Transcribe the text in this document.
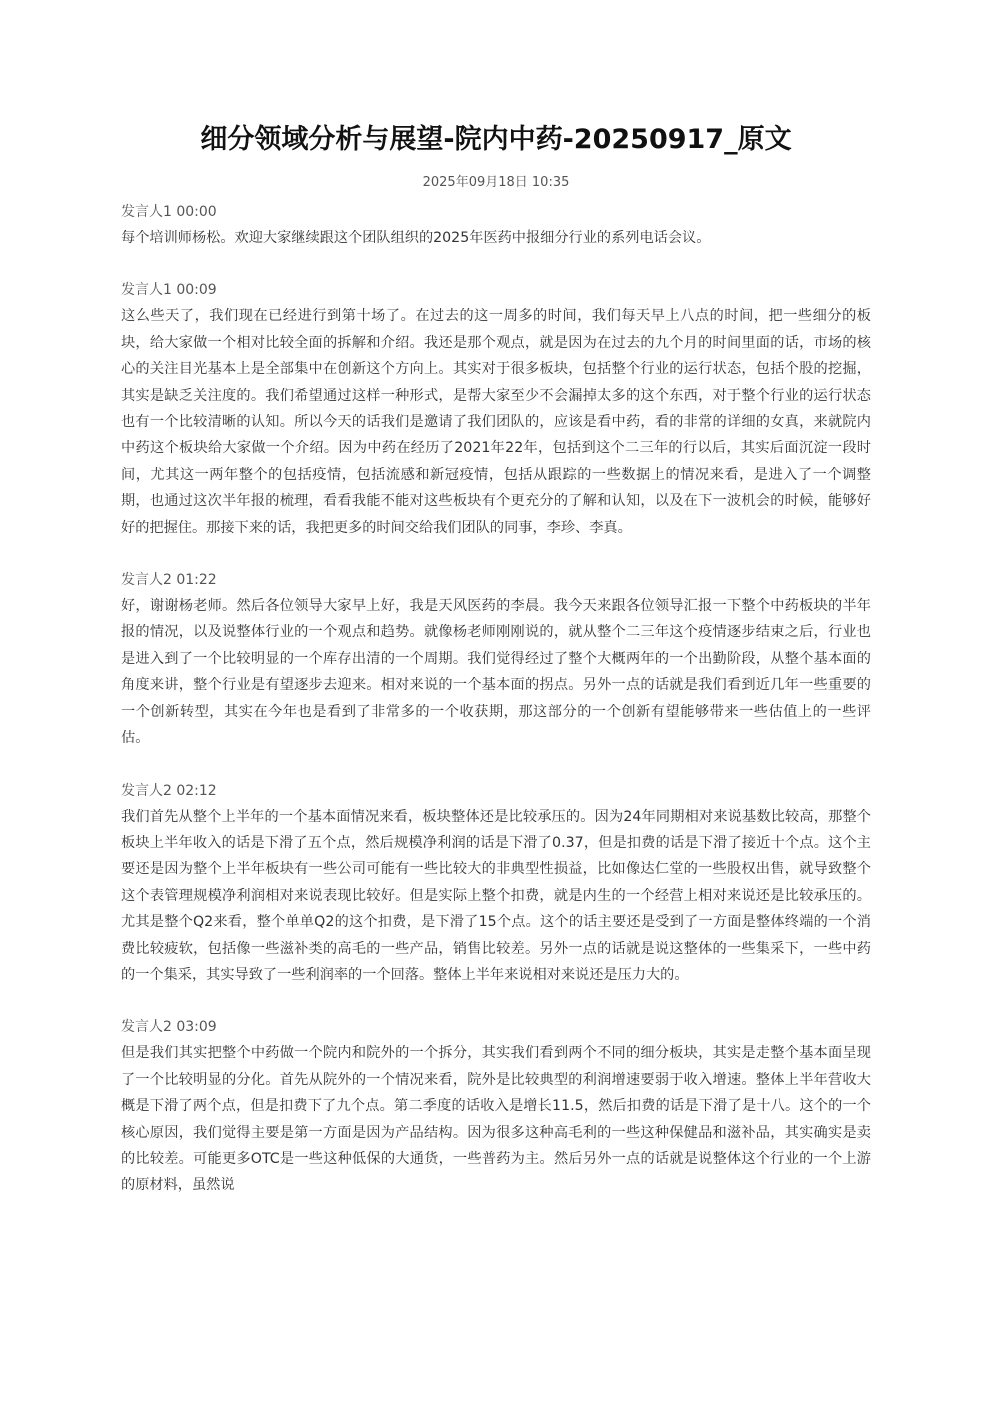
细分领域分析与展望-院内中药-20250917_原文
2025年09月18日 10:35
发言人1 00:00

每个培训师杨松。欢迎大家继续跟这个团队组织的2025年医药中报细分行业的系列电话会议。

发言人1 00:09

这么些天了，我们现在已经进行到第十场了。在过去的这一周多的时间，我们每天早上八点的时间，把一些细分的板块，给大家做一个相对比较全面的拆解和介绍。我还是那个观点，就是因为在过去的九个月的时间里面的话，市场的核心的关注目光基本上是全部集中在创新这个方向上。其实对于很多板块，包括整个行业的运行状态，包括个股的挖掘，其实是缺乏关注度的。我们希望通过这样一种形式，是帮大家至少不会漏掉太多的这个东西，对于整个行业的运行状态也有一个比较清晰的认知。所以今天的话我们是邀请了我们团队的，应该是看中药，看的非常的详细的女真，来就院内中药这个板块给大家做一个介绍。因为中药在经历了2021年22年，包括到这个二三年的行以后，其实后面沉淀一段时间，尤其这一两年整个的包括疫情，包括流感和新冠疫情，包括从跟踪的一些数据上的情况来看，是进入了一个调整期，也通过这次半年报的梳理，看看我能不能对这些板块有个更充分的了解和认知，以及在下一波机会的时候，能够好好的把握住。那接下来的话，我把更多的时间交给我们团队的同事，李珍、李真。

发言人2 01:22

好，谢谢杨老师。然后各位领导大家早上好，我是天风医药的李晨。我今天来跟各位领导汇报一下整个中药板块的半年报的情况，以及说整体行业的一个观点和趋势。就像杨老师刚刚说的，就从整个二三年这个疫情逐步结束之后，行业也是进入到了一个比较明显的一个库存出清的一个周期。我们觉得经过了整个大概两年的一个出勤阶段，从整个基本面的角度来讲，整个行业是有望逐步去迎来。相对来说的一个基本面的拐点。另外一点的话就是我们看到近几年一些重要的一个创新转型，其实在今年也是看到了非常多的一个收获期，那这部分的一个创新有望能够带来一些估值上的一些评估。

发言人2 02:12

我们首先从整个上半年的一个基本面情况来看，板块整体还是比较承压的。因为24年同期相对来说基数比较高，那整个板块上半年收入的话是下滑了五个点，然后规模净利润的话是下滑了0.37，但是扣费的话是下滑了接近十个点。这个主要还是因为整个上半年板块有一些公司可能有一些比较大的非典型性损益，比如像达仁堂的一些股权出售，就导致整个这个表管理规模净利润相对来说表现比较好。但是实际上整个扣费，就是内生的一个经营上相对来说还是比较承压的。尤其是整个Q2来看，整个单单Q2的这个扣费，是下滑了15个点。这个的话主要还是受到了一方面是整体终端的一个消费比较疲软，包括像一些滋补类的高毛的一些产品，销售比较差。另外一点的话就是说这整体的一些集采下，一些中药的一个集采，其实导致了一些利润率的一个回落。整体上半年来说相对来说还是压力大的。

发言人2 03:09

但是我们其实把整个中药做一个院内和院外的一个拆分，其实我们看到两个不同的细分板块，其实是走整个基本面呈现了一个比较明显的分化。首先从院外的一个情况来看，院外是比较典型的利润增速要弱于收入增速。整体上半年营收大概是下滑了两个点，但是扣费下了九个点。第二季度的话收入是增长11.5，然后扣费的话是下滑了是十八。这个的一个核心原因，我们觉得主要是第一方面是因为产品结构。因为很多这种高毛利的一些这种保健品和滋补品，其实确实是卖的比较差。可能更多OTC是一些这种低保的大通货，一些普药为主。然后另外一点的话就是说整体这个行业的一个上游的原材料，虽然说
